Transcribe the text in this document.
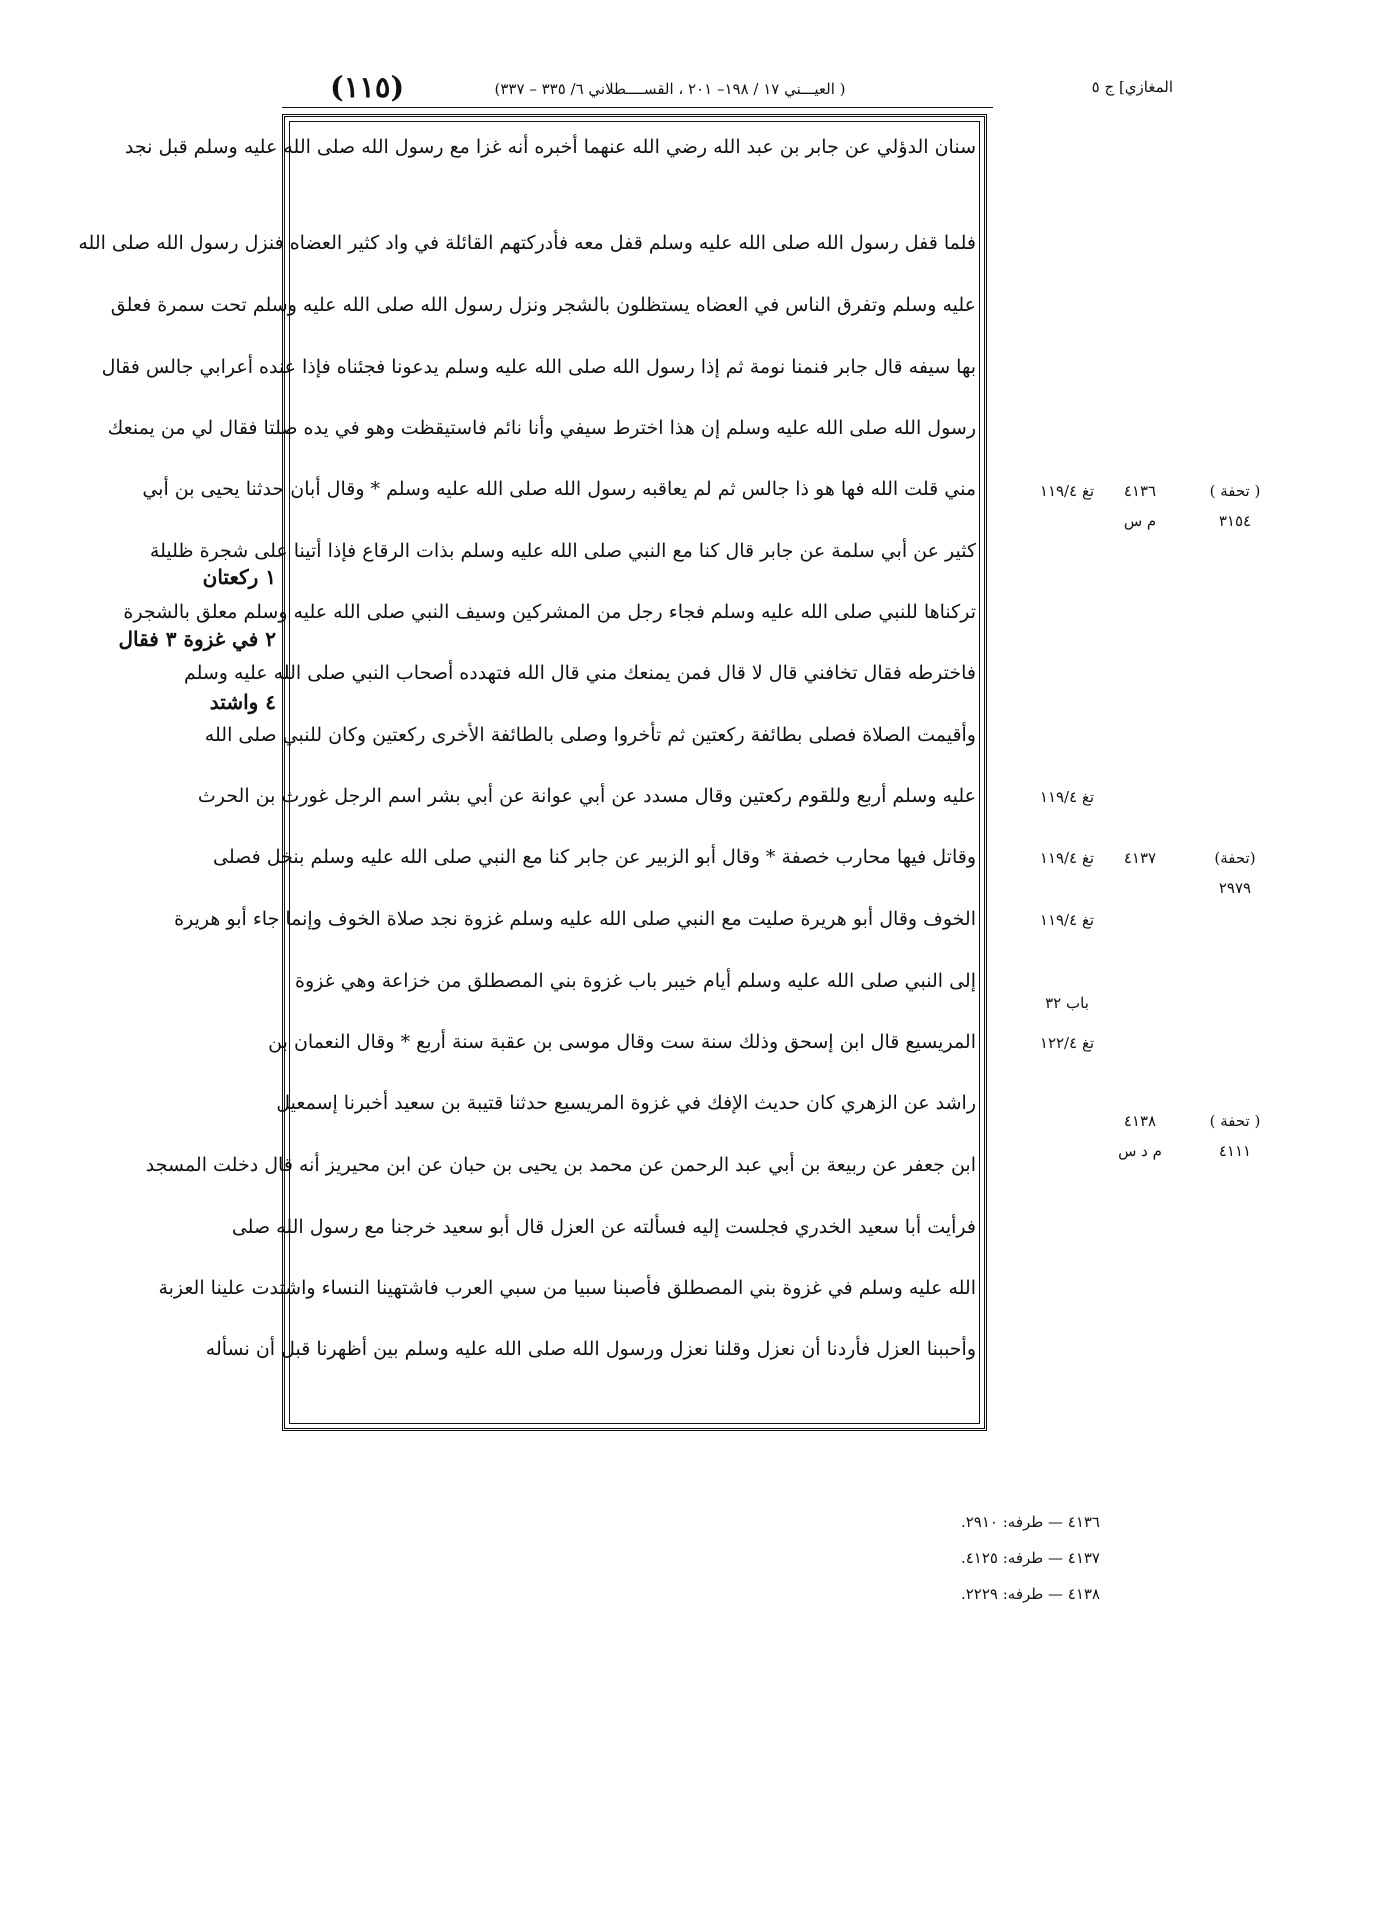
المغازي] ج ٥
( العيـــني ١٧ / ١٩٨– ٢٠١ ، القســــطلاني ٦/ ٣٣٥ – ٣٣٧)
(١١٥)
سنان الدؤلي عن جابر بن عبد الله رضي الله عنهما أخبره أنه غزا مع رسول الله صلى الله عليه وسلم قبل نجد
فلما قفل رسول الله صلى الله عليه وسلم قفل معه فأدركتهم القائلة في واد كثير العضاه فنزل رسول الله صلى الله
عليه وسلم وتفرق الناس في العضاه يستظلون بالشجر ونزل رسول الله صلى الله عليه وسلم تحت سمرة فعلق
بها سيفه قال جابر فنمنا نومة ثم إذا رسول الله صلى الله عليه وسلم يدعونا فجئناه فإذا عنده أعرابي جالس فقال
رسول الله صلى الله عليه وسلم إن هذا اخترط سيفي وأنا نائم فاستيقظت وهو في يده صلتا فقال لي من يمنعك
مني قلت الله فها هو ذا جالس ثم لم يعاقبه رسول الله صلى الله عليه وسلم * وقال أبان حدثنا يحيى بن أبي
كثير عن أبي سلمة عن جابر قال كنا مع النبي صلى الله عليه وسلم بذات الرقاع فإذا أتينا على شجرة ظليلة
تركناها للنبي صلى الله عليه وسلم فجاء رجل من المشركين وسيف النبي صلى الله عليه وسلم معلق بالشجرة
فاخترطه فقال تخافني قال لا قال فمن يمنعك مني قال الله فتهدده أصحاب النبي صلى الله عليه وسلم
وأقيمت الصلاة فصلى بطائفة ركعتين ثم تأخروا وصلى بالطائفة الأخرى ركعتين وكان للنبي صلى الله
عليه وسلم أربع وللقوم ركعتين وقال مسدد عن أبي عوانة عن أبي بشر اسم الرجل غورث بن الحرث
وقاتل فيها محارب خصفة * وقال أبو الزبير عن جابر كنا مع النبي صلى الله عليه وسلم بنخل فصلى
الخوف وقال أبو هريرة صليت مع النبي صلى الله عليه وسلم غزوة نجد صلاة الخوف وإنما جاء أبو هريرة
إلى النبي صلى الله عليه وسلم أيام خيبر باب غزوة بني المصطلق من خزاعة وهي غزوة
المريسيع قال ابن إسحق وذلك سنة ست وقال موسى بن عقبة سنة أربع * وقال النعمان بن
راشد عن الزهري كان حديث الإفك في غزوة المريسيع حدثنا قتيبة بن سعيد أخبرنا إسمعيل
ابن جعفر عن ربيعة بن أبي عبد الرحمن عن محمد بن يحيى بن حبان عن ابن محيريز أنه قال دخلت المسجد
فرأيت أبا سعيد الخدري فجلست إليه فسألته عن العزل قال أبو سعيد خرجنا مع رسول الله صلى
الله عليه وسلم في غزوة بني المصطلق فأصبنا سبيا من سبي العرب فاشتهينا النساء واشتدت علينا العزبة
وأحببنا العزل فأردنا أن نعزل وقلنا نعزل ورسول الله صلى الله عليه وسلم بين أظهرنا قبل أن نسأله
تغ ١١٩/٤	٤١٣٦	( تحفة )
م س	٣١٥٤
تغ ١١٩/٤
تغ ١١٩/٤	٤١٣٧	(تحفة)
٢٩٧٩
تغ ١١٩/٤
باب ٣٢
تغ ١٢٢/٤
٤١٣٨	( تحفة )
م د س	٤١١١
١ ركعتان
٢ في غزوة ٣ فقال
٤ واشتد
٤١٣٦ — طرفه: ٢٩١٠.
٤١٣٧ — طرفه: ٤١٢٥.
٤١٣٨ — طرفه: ٢٢٢٩.
